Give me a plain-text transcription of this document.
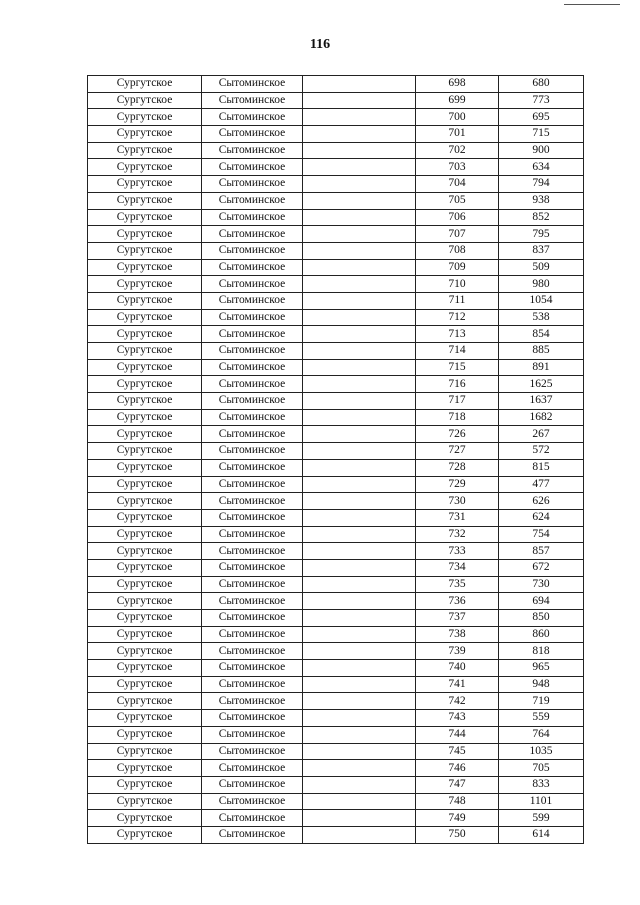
116
Сургутское	Сытоминское		698	680
Сургутское	Сытоминское		699	773
Сургутское	Сытоминское		700	695
Сургутское	Сытоминское		701	715
Сургутское	Сытоминское		702	900
Сургутское	Сытоминское		703	634
Сургутское	Сытоминское		704	794
Сургутское	Сытоминское		705	938
Сургутское	Сытоминское		706	852
Сургутское	Сытоминское		707	795
Сургутское	Сытоминское		708	837
Сургутское	Сытоминское		709	509
Сургутское	Сытоминское		710	980
Сургутское	Сытоминское		711	1054
Сургутское	Сытоминское		712	538
Сургутское	Сытоминское		713	854
Сургутское	Сытоминское		714	885
Сургутское	Сытоминское		715	891
Сургутское	Сытоминское		716	1625
Сургутское	Сытоминское		717	1637
Сургутское	Сытоминское		718	1682
Сургутское	Сытоминское		726	267
Сургутское	Сытоминское		727	572
Сургутское	Сытоминское		728	815
Сургутское	Сытоминское		729	477
Сургутское	Сытоминское		730	626
Сургутское	Сытоминское		731	624
Сургутское	Сытоминское		732	754
Сургутское	Сытоминское		733	857
Сургутское	Сытоминское		734	672
Сургутское	Сытоминское		735	730
Сургутское	Сытоминское		736	694
Сургутское	Сытоминское		737	850
Сургутское	Сытоминское		738	860
Сургутское	Сытоминское		739	818
Сургутское	Сытоминское		740	965
Сургутское	Сытоминское		741	948
Сургутское	Сытоминское		742	719
Сургутское	Сытоминское		743	559
Сургутское	Сытоминское		744	764
Сургутское	Сытоминское		745	1035
Сургутское	Сытоминское		746	705
Сургутское	Сытоминское		747	833
Сургутское	Сытоминское		748	1101
Сургутское	Сытоминское		749	599
Сургутское	Сытоминское		750	614
